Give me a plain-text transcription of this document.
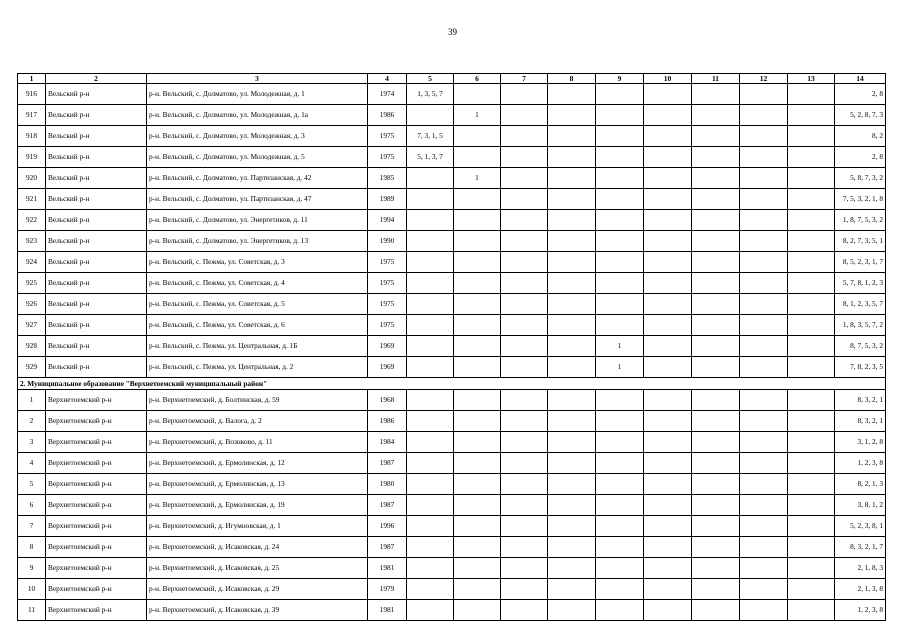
39
1	2	3	4	5	6	7	8	9	10	11	12	13	14
916	Вельский р-н	р-н. Вельский, с. Долматово, ул. Молодежная, д. 1	1974	1, 3, 5, 7									2, 8
917	Вельский р-н	р-н. Вельский, с. Долматово, ул. Молодежная, д. 1а	1986		1								5, 2, 8, 7, 3
918	Вельский р-н	р-н. Вельский, с. Долматово, ул. Молодежная, д. 3	1975	7, 3, 1, 5									8, 2
919	Вельский р-н	р-н. Вельский, с. Долматово, ул. Молодежная, д. 5	1975	5, 1, 3, 7									2, 8
920	Вельский р-н	р-н. Вельский, с. Долматово, ул. Партизанская, д. 42	1985		1								5, 8, 7, 3, 2
921	Вельский р-н	р-н. Вельский, с. Долматово, ул. Партизанская, д. 47	1989										7, 5, 3, 2, 1, 8
922	Вельский р-н	р-н. Вельский, с. Долматово, ул. Энергетиков, д. 11	1994										1, 8, 7, 5, 3, 2
923	Вельский р-н	р-н. Вельский, с. Долматово, ул. Энергетиков, д. 13	1990										8, 2, 7, 3, 5, 1
924	Вельский р-н	р-н. Вельский, с. Пежма, ул. Советская, д. 3	1975										8, 5, 2, 3, 1, 7
925	Вельский р-н	р-н. Вельский, с. Пежма, ул. Советская, д. 4	1975										5, 7, 8, 1, 2, 3
926	Вельский р-н	р-н. Вельский, с. Пежма, ул. Советская, д. 5	1975										8, 1, 2, 3, 5, 7
927	Вельский р-н	р-н. Вельский, с. Пежма, ул. Советская, д. 6	1975										1, 8, 3, 5, 7, 2
928	Вельский р-н	р-н. Вельский, с. Пежма, ул. Центральная, д. 1Б	1969					1					8, 7, 5, 3, 2
929	Вельский р-н	р-н. Вельский, с. Пежма, ул. Центральная, д. 2	1969					1					7, 8, 2, 3, 5
2. Муниципальное образование "Верхнетоемский муниципальный район"													
1	Верхнетоемский р-н	р-н. Верхнетоемский, д. Болтинская, д. 59	1968										8, 3, 2, 1
2	Верхнетоемский р-н	р-н. Верхнетоемский, д. Валога, д. 2	1986										8, 3, 2, 1
3	Верхнетоемский р-н	р-н. Верхнетоемский, д. Вознково, д. 11	1984										3, 1, 2, 8
4	Верхнетоемский р-н	р-н. Верхнетоемский, д. Ермолинская, д. 12	1987										1, 2, 3, 8
5	Верхнетоемский р-н	р-н. Верхнетоемский, д. Ермолинская, д. 13	1980										8, 2, 1, 3
6	Верхнетоемский р-н	р-н. Верхнетоемский, д. Ермолинская, д. 19	1987										3, 8, 1, 2
7	Верхнетоемский р-н	р-н. Верхнетоемский, д. Игумновская, д. 1	1996										5, 2, 3, 8, 1
8	Верхнетоемский р-н	р-н. Верхнетоемский, д. Исаковская, д. 24	1987										8, 3, 2, 1, 7
9	Верхнетоемский р-н	р-н. Верхнетоемский, д. Исаковская, д. 25	1981										2, 1, 8, 3
10	Верхнетоемский р-н	р-н. Верхнетоемский, д. Исаковская, д. 29	1979										2, 1, 3, 8
11	Верхнетоемский р-н	р-н. Верхнетоемский, д. Исаковская, д. 39	1981										1, 2, 3, 8
